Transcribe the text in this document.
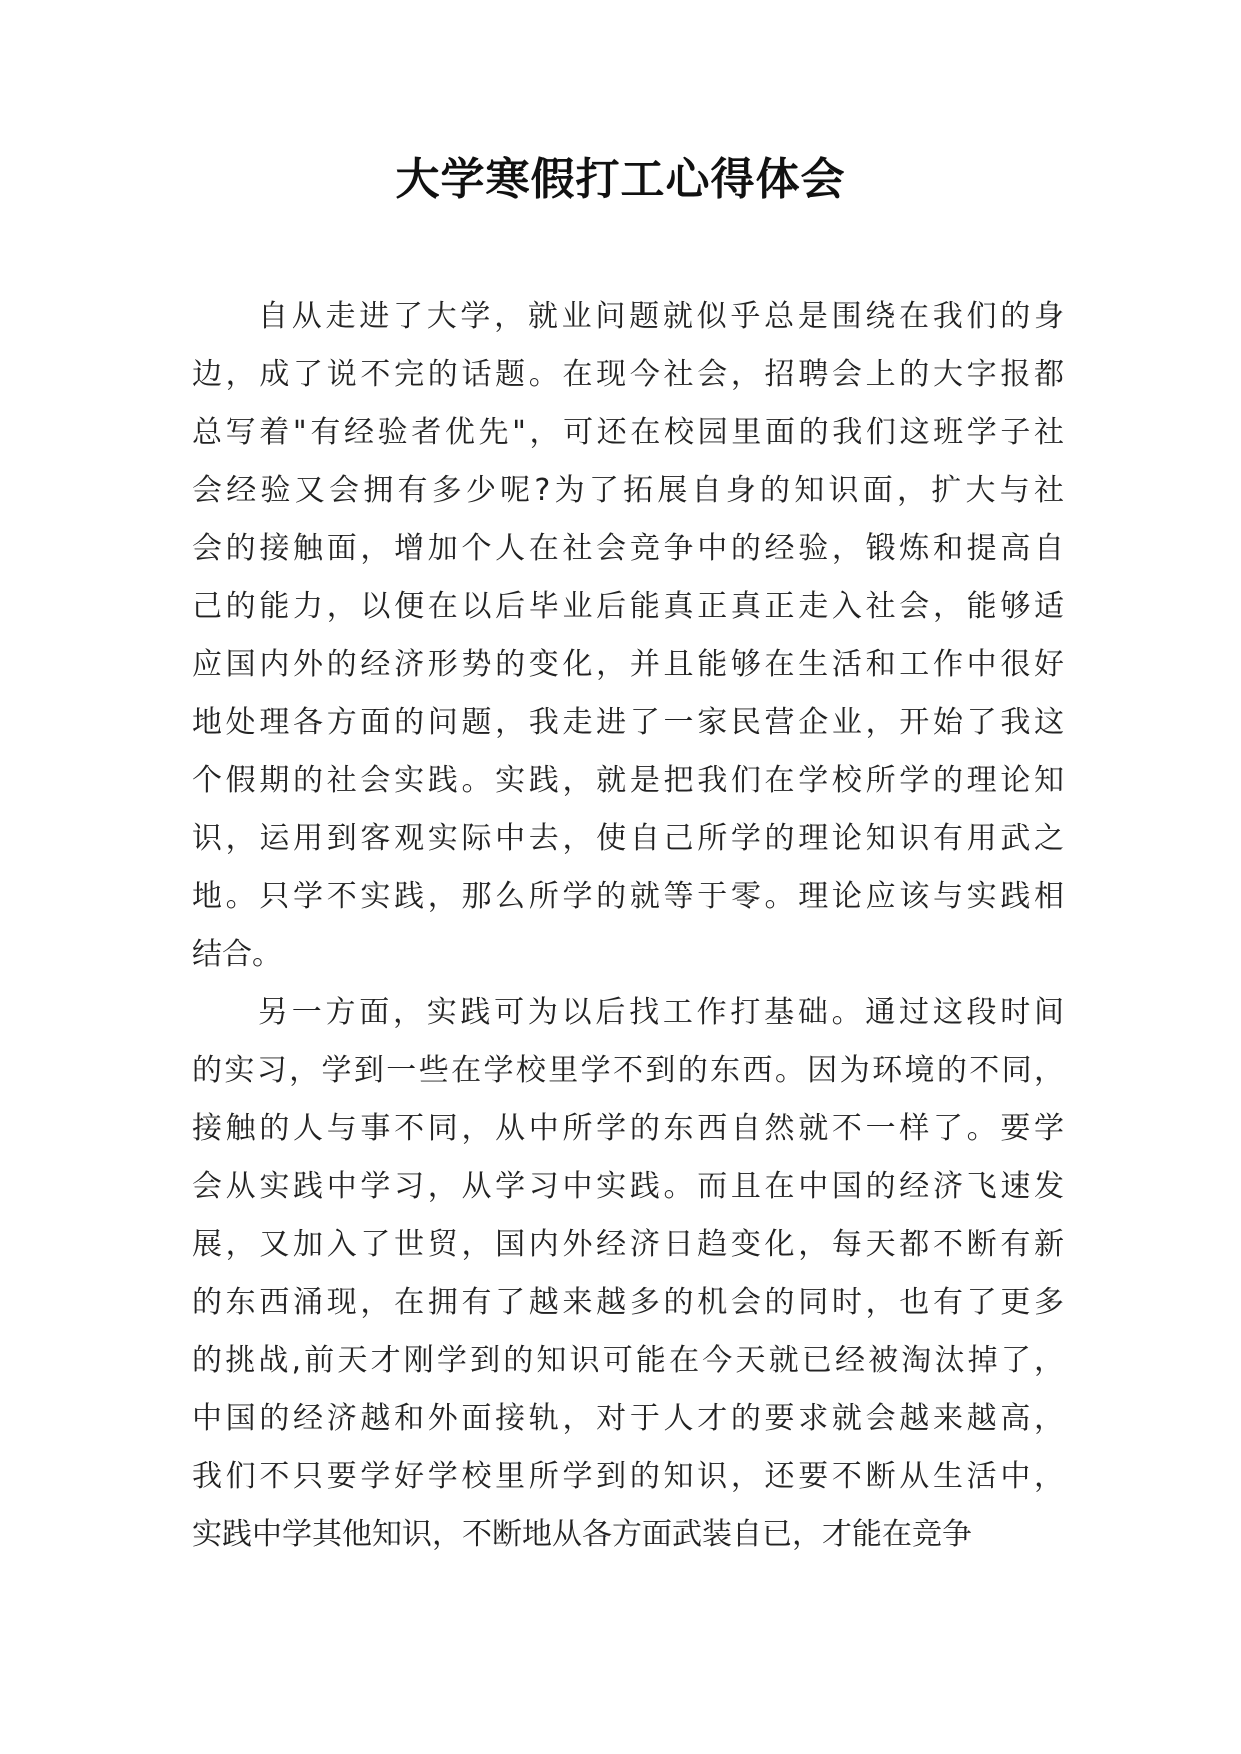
大学寒假打工心得体会
自从走进了大学，就业问题就似乎总是围绕在我们的身
边，成了说不完的话题。在现今社会，招聘会上的大字报都
总写着"有经验者优先"，可还在校园里面的我们这班学子社
会经验又会拥有多少呢?为了拓展自身的知识面，扩大与社
会的接触面，增加个人在社会竞争中的经验，锻炼和提高自
己的能力，以便在以后毕业后能真正真正走入社会，能够适
应国内外的经济形势的变化，并且能够在生活和工作中很好
地处理各方面的问题，我走进了一家民营企业，开始了我这
个假期的社会实践。实践，就是把我们在学校所学的理论知
识，运用到客观实际中去，使自己所学的理论知识有用武之
地。只学不实践，那么所学的就等于零。理论应该与实践相
结合。
另一方面，实践可为以后找工作打基础。通过这段时间
的实习，学到一些在学校里学不到的东西。因为环境的不同，
接触的人与事不同，从中所学的东西自然就不一样了。要学
会从实践中学习，从学习中实践。而且在中国的经济飞速发
展，又加入了世贸，国内外经济日趋变化，每天都不断有新
的东西涌现，在拥有了越来越多的机会的同时，也有了更多
的挑战,前天才刚学到的知识可能在今天就已经被淘汰掉了，
中国的经济越和外面接轨，对于人才的要求就会越来越高，
我们不只要学好学校里所学到的知识，还要不断从生活中，
实践中学其他知识，不断地从各方面武装自已，才能在竞争
